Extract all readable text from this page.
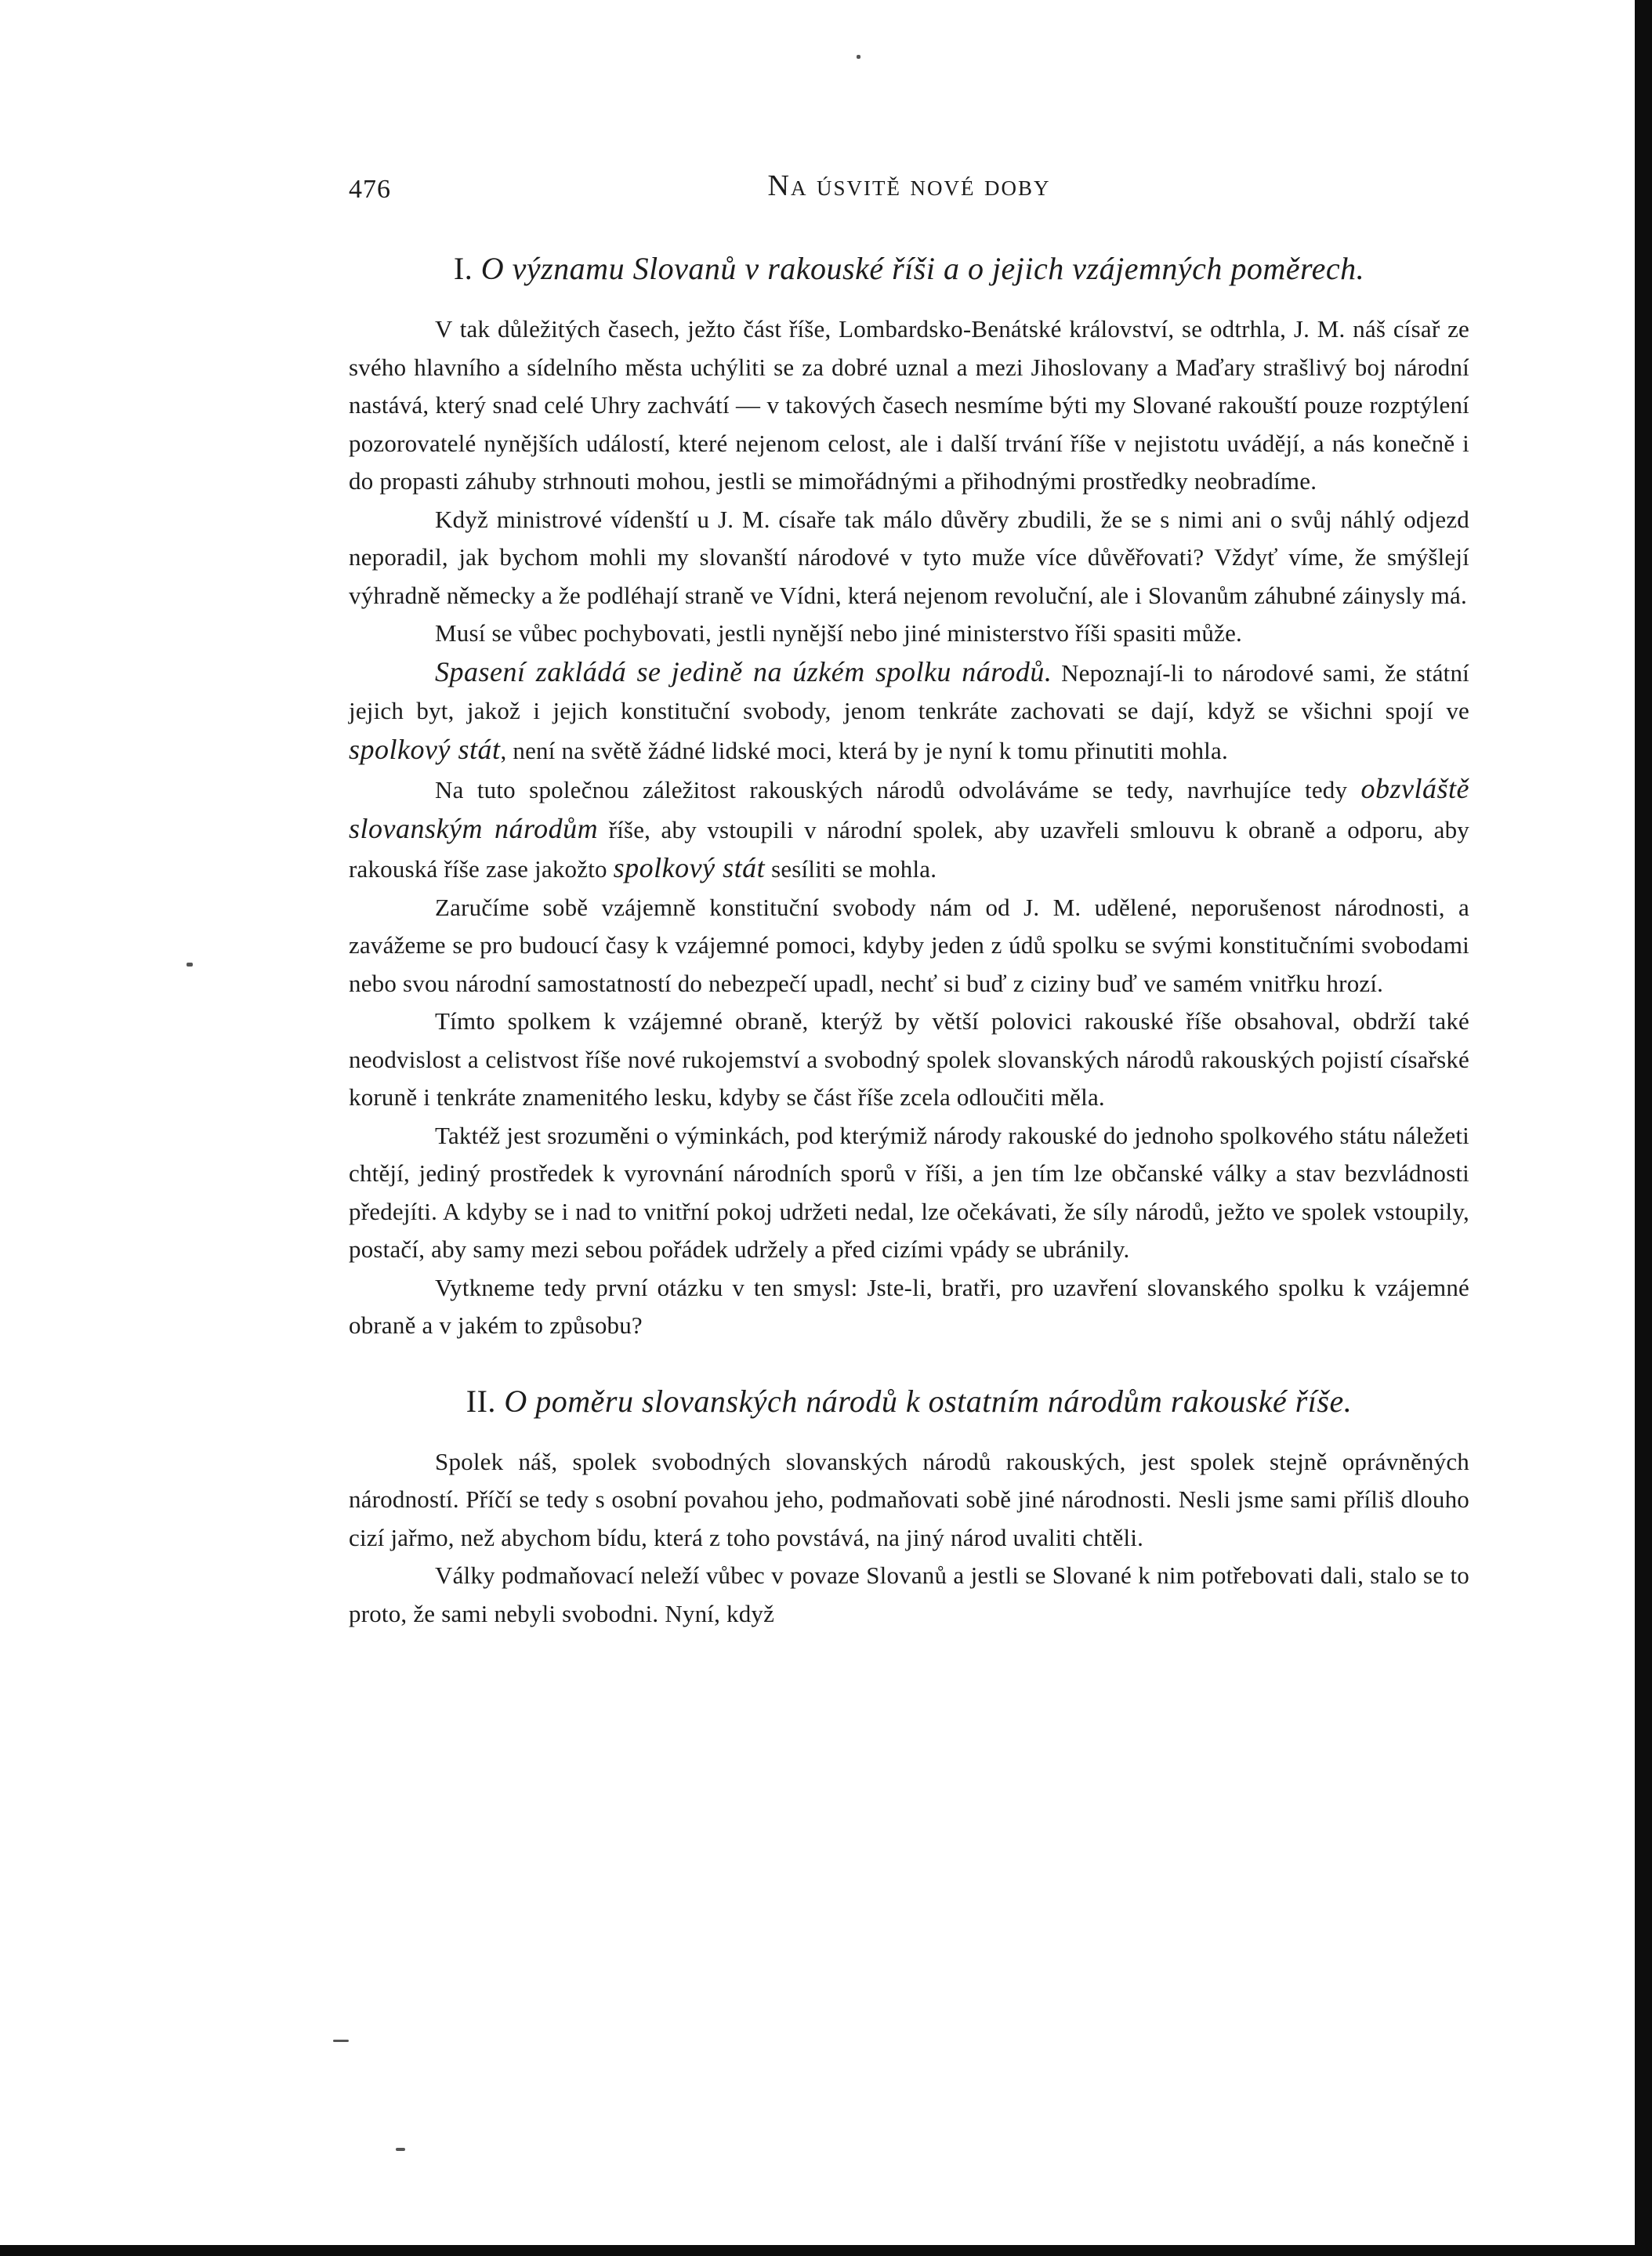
476	Na úsvitě nové doby
I. O významu Slovanů v rakouské říši a o jejich vzájemných poměrech.

V tak důležitých časech, ježto část říše, Lombardsko-Benátské království, se odtrhla, J. M. náš císař ze svého hlavního a sídelního města uchýliti se za dobré uznal a mezi Jihoslovany a Maďary strašlivý boj národní nastává, který snad celé Uhry zachvátí — v takových časech nesmíme býti my Slované rakouští pouze rozptýlení pozorovatelé nynějších událostí, které nejenom celost, ale i další trvání říše v nejistotu uvádějí, a nás konečně i do propasti záhuby strhnouti mohou, jestli se mimořádnými a přihodnými prostředky neobradíme.

Když ministrové vídenští u J. M. císaře tak málo důvěry zbudili, že se s nimi ani o svůj náhlý odjezd neporadil, jak bychom mohli my slovanští národové v tyto muže více důvěřovati? Vždyť víme, že smýšlejí výhradně německy a že podléhají straně ve Vídni, která nejenom revoluční, ale i Slovanům záhubné záinysly má.

Musí se vůbec pochybovati, jestli nynější nebo jiné ministerstvo říši spasiti může.

Spasení zakládá se jedině na úzkém spolku národů. Nepoznají-li to národové sami, že státní jejich byt, jakož i jejich konstituční svobody, jenom tenkráte zachovati se dají, když se všichni spojí ve spolkový stát, není na světě žádné lidské moci, která by je nyní k tomu přinutiti mohla.

Na tuto společnou záležitost rakouských národů odvoláváme se tedy, navrhujíce tedy obzvláště slovanským národům říše, aby vstoupili v národní spolek, aby uzavřeli smlouvu k obraně a odporu, aby rakouská říše zase jakožto spolkový stát sesíliti se mohla.

Zaručíme sobě vzájemně konstituční svobody nám od J. M. udělené, neporušenost národnosti, a zavážeme se pro budoucí časy k vzájemné pomoci, kdyby jeden z údů spolku se svými konstitučními svobodami nebo svou národní samostatností do nebezpečí upadl, nechť si buď z ciziny buď ve samém vnitřku hrozí.

Tímto spolkem k vzájemné obraně, kterýž by větší polovici rakouské říše obsahoval, obdrží také neodvislost a celistvost říše nové rukojemství a svobodný spolek slovanských národů rakouských pojistí císařské koruně i tenkráte znamenitého lesku, kdyby se část říše zcela odloučiti měla.

Taktéž jest srozuměni o výminkách, pod kterýmiž národy rakouské do jednoho spolkového státu náležeti chtějí, jediný prostředek k vyrovnání národních sporů v říši, a jen tím lze občanské války a stav bezvládnosti předejíti. A kdyby se i nad to vnitřní pokoj udržeti nedal, lze očekávati, že síly národů, ježto ve spolek vstoupily, postačí, aby samy mezi sebou pořádek udržely a před cizími vpády se ubránily.

Vytkneme tedy první otázku v ten smysl: Jste-li, bratři, pro uzavření slovanského spolku k vzájemné obraně a v jakém to způsobu?

II. O poměru slovanských národů k ostatním národům rakouské říše.

Spolek náš, spolek svobodných slovanských národů rakouských, jest spolek stejně oprávněných národností. Příčí se tedy s osobní povahou jeho, podmaňovati sobě jiné národnosti. Nesli jsme sami příliš dlouho cizí jařmo, než abychom bídu, která z toho povstává, na jiný národ uvaliti chtěli.

Války podmaňovací neleží vůbec v povaze Slovanů a jestli se Slované k nim potřebovati dali, stalo se to proto, že sami nebyli svobodni. Nyní, když
